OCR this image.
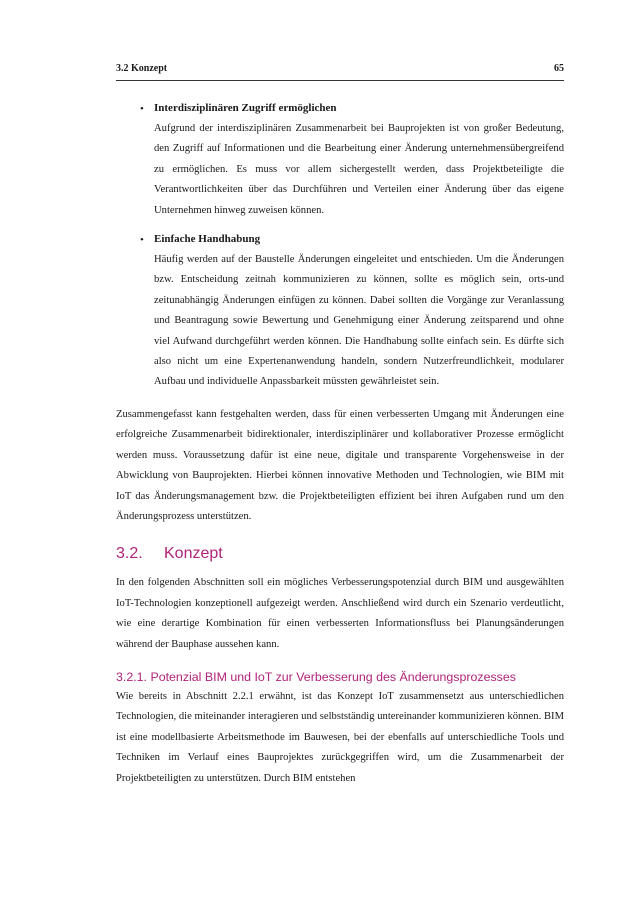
3.2 Konzept	65
• Interdisziplinären Zugriff ermöglichen

Aufgrund der interdisziplinären Zusammenarbeit bei Bauprojekten ist von großer Bedeutung, den Zugriff auf Informationen und die Bearbeitung einer Änderung unternehmensübergreifend zu ermöglichen. Es muss vor allem sichergestellt werden, dass Projektbeteiligte die Verantwortlichkeiten über das Durchführen und Verteilen einer Änderung über das eigene Unternehmen hinweg zuweisen können.

• Einfache Handhabung

Häufig werden auf der Baustelle Änderungen eingeleitet und entschieden. Um die Änderungen bzw. Entscheidung zeitnah kommunizieren zu können, sollte es möglich sein, orts-und zeitunabhängig Änderungen einfügen zu können. Dabei sollten die Vorgänge zur Veranlassung und Beantragung sowie Bewertung und Genehmigung einer Änderung zeitsparend und ohne viel Aufwand durchgeführt werden können. Die Handhabung sollte einfach sein. Es dürfte sich also nicht um eine Expertenanwendung handeln, sondern Nutzerfreundlichkeit, modularer Aufbau und individuelle Anpassbarkeit müssten gewährleistet sein.

Zusammengefasst kann festgehalten werden, dass für einen verbesserten Umgang mit Änderungen eine erfolgreiche Zusammenarbeit bidirektionaler, interdisziplinärer und kollaborativer Prozesse ermöglicht werden muss. Voraussetzung dafür ist eine neue, digitale und transparente Vorgehensweise in der Abwicklung von Bauprojekten. Hierbei können innovative Methoden und Technologien, wie BIM mit IoT das Änderungsmanagement bzw. die Projektbeteiligten effizient bei ihren Aufgaben rund um den Änderungsprozess unterstützen.

3.2. Konzept

In den folgenden Abschnitten soll ein mögliches Verbesserungspotenzial durch BIM und ausgewählten IoT-Technologien konzeptionell aufgezeigt werden. Anschließend wird durch ein Szenario verdeutlicht, wie eine derartige Kombination für einen verbesserten Informationsfluss bei Planungsänderungen während der Bauphase aussehen kann.

3.2.1. Potenzial BIM und IoT zur Verbesserung des Änderungsprozesses

Wie bereits in Abschnitt 2.2.1 erwähnt, ist das Konzept IoT zusammensetzt aus unterschiedlichen Technologien, die miteinander interagieren und selbstständig untereinander kommunizieren können. BIM ist eine modellbasierte Arbeitsmethode im Bauwesen, bei der ebenfalls auf unterschiedliche Tools und Techniken im Verlauf eines Bauprojektes zurückgegriffen wird, um die Zusammenarbeit der Projektbeteiligten zu unterstützen. Durch BIM entstehen
